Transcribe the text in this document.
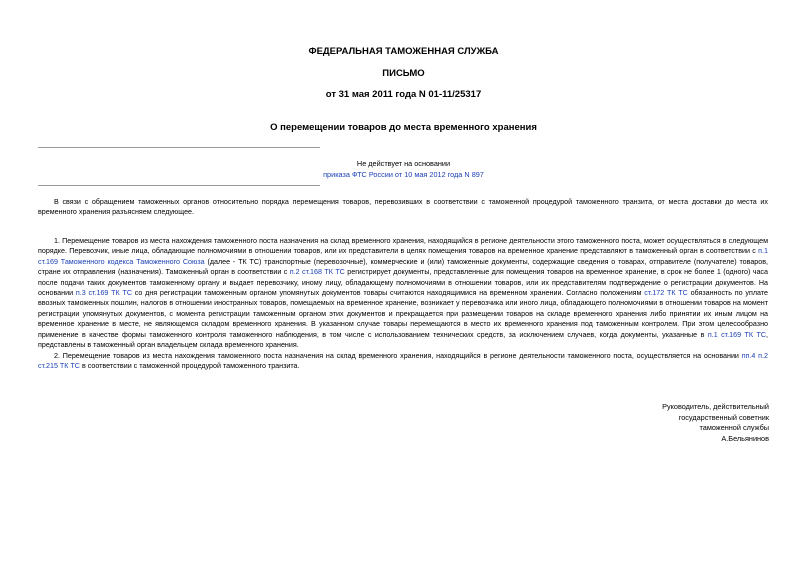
ФЕДЕРАЛЬНАЯ ТАМОЖЕННАЯ СЛУЖБА
ПИСЬМО
от 31 мая 2011 года N 01-11/25317
О перемещении товаров до места временного хранения
Не действует на основании
приказа ФТС России от 10 мая 2012 года N 897

В связи с обращением таможенных органов относительно порядка перемещения товаров, перевозивших в соответствии с таможенной процедурой таможенного транзита, от места доставки до места их временного хранения разъясняем следующее.

1. Перемещение товаров из места нахождения таможенного поста назначения на склад временного хранения, находящийся в регионе деятельности этого таможенного поста, может осуществляться в следующем порядке. Перевозчик, иные лица, обладающие полномочиями в отношении товаров, или их представители в целях помещения товаров на временное хранение представляют в таможенный орган в соответствии с п.1 ст.169 Таможенного кодекса Таможенного Союза (далее - ТК ТС) транспортные (перевозочные), коммерческие и (или) таможенные документы, содержащие сведения о товарах, отправителе (получателе) товаров, стране их отправления (назначения). Таможенный орган в соответствии с п.2 ст.168 ТК ТС регистрирует документы, представленные для помещения товаров на временное хранение, в срок не более 1 (одного) часа после подачи таких документов таможенному органу и выдает перевозчику, иному лицу, обладающему полномочиями в отношении товаров, или их представителям подтверждение о регистрации документов. На основании п.3 ст.169 ТК ТС со дня регистрации таможенным органом упомянутых документов товары считаются находящимися на временном хранении. Согласно положениям ст.172 ТК ТС обязанность по уплате ввозных таможенных пошлин, налогов в отношении иностранных товаров, помещаемых на временное хранение, возникает у перевозчика или иного лица, обладающего полномочиями в отношении товаров на момент регистрации упомянутых документов, с момента регистрации таможенным органом этих документов и прекращается при размещении товаров на складе временного хранения либо принятии их иным лицом на временное хранение в месте, не являющемся складом временного хранения. В указанном случае товары перемещаются в место их временного хранения под таможенным контролем. При этом целесообразно применение в качестве формы таможенного контроля таможенного наблюдения, в том числе с использованием технических средств, за исключением случаев, когда документы, указанные в п.1 ст.169 ТК ТС, представлены в таможенный орган владельцем склада временного хранения.

2. Перемещение товаров из места нахождения таможенного поста назначения на склад временного хранения, находящийся в регионе деятельности таможенного поста, осуществляется на основании пп.4 п.2 ст.215 ТК ТС в соответствии с таможенной процедурой таможенного транзита.

Руководитель, действительный
государственный советник
таможенной службы
А.Бельянинов
